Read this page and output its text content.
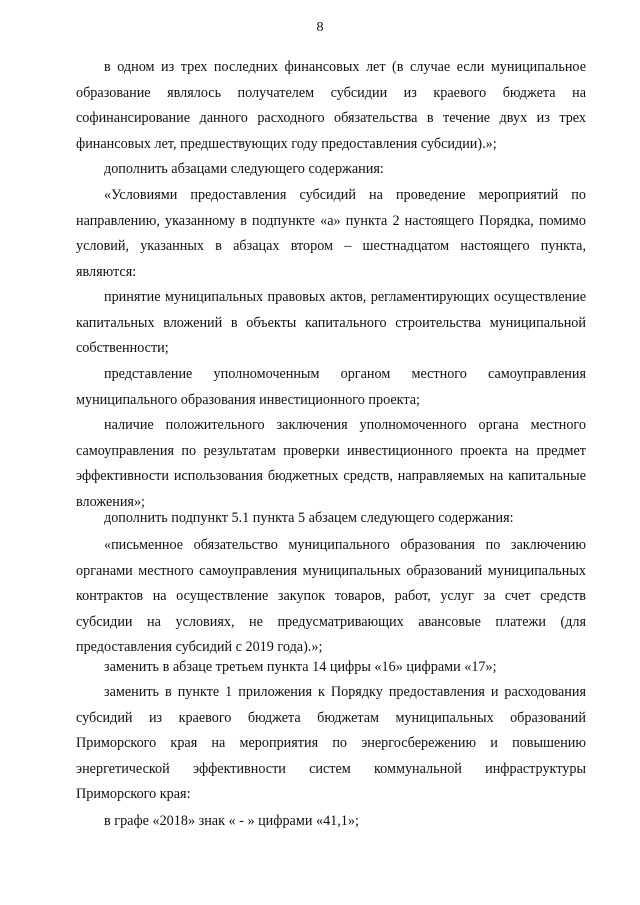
8

в одном из трех последних финансовых лет (в случае если муниципальное образование являлось получателем субсидии из краевого бюджета на софинансирование данного расходного обязательства в течение двух из трех финансовых лет, предшествующих году предоставления субсидии).»;

дополнить абзацами следующего содержания:

«Условиями предоставления субсидий на проведение мероприятий по направлению, указанному в подпункте «а» пункта 2 настоящего Порядка, помимо условий, указанных в абзацах втором – шестнадцатом настоящего пункта, являются:

принятие муниципальных правовых актов, регламентирующих осуществление капитальных вложений в объекты капитального строительства муниципальной собственности;

представление уполномоченным органом местного самоуправления муниципального образования инвестиционного проекта;

наличие положительного заключения уполномоченного органа местного самоуправления по результатам проверки инвестиционного проекта на предмет эффективности использования бюджетных средств, направляемых на капитальные вложения»;

дополнить подпункт 5.1 пункта 5 абзацем следующего содержания:

«письменное обязательство муниципального образования по заключению органами местного самоуправления муниципальных образований муниципальных контрактов на осуществление закупок товаров, работ, услуг за счет средств субсидии на условиях, не предусматривающих авансовые платежи (для предоставления субсидий с 2019 года).»;

заменить в абзаце третьем пункта 14 цифры «16» цифрами «17»;

заменить в пункте 1 приложения к Порядку предоставления и расходования субсидий из краевого бюджета бюджетам муниципальных образований Приморского края на мероприятия по энергосбережению и повышению энергетической эффективности систем коммунальной инфраструктуры Приморского края:

в графе «2018» знак « - » цифрами «41,1»;
